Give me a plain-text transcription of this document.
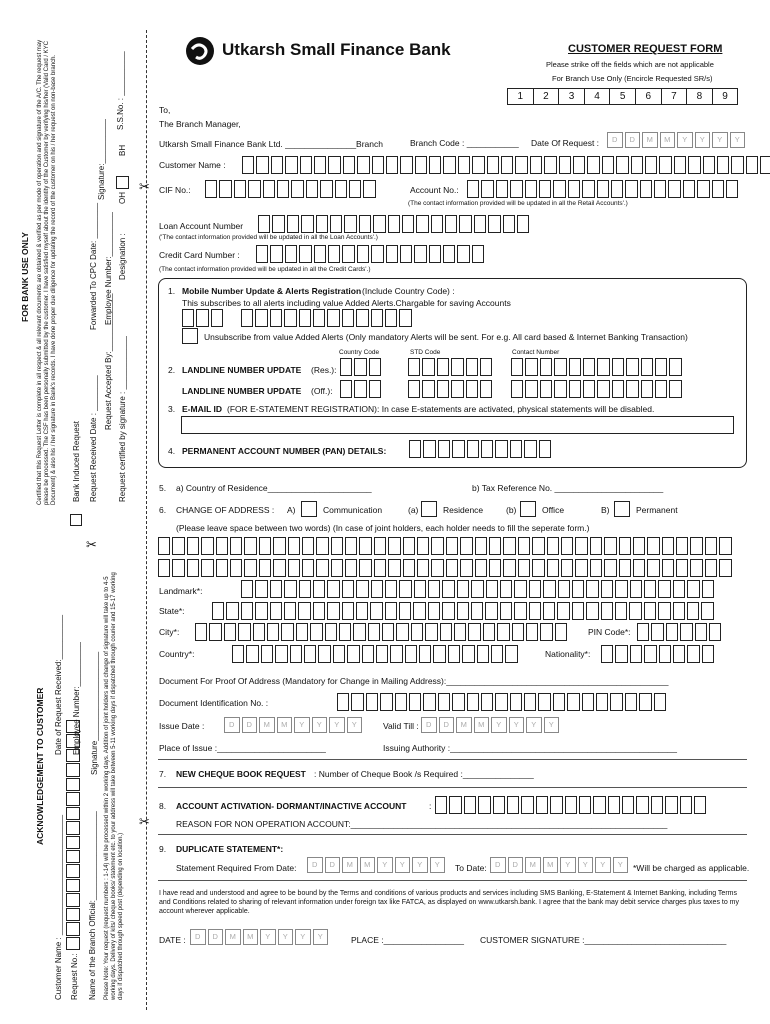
✂
✂
✂
ACKNOWLEDGEMENT TO CUSTOMER
Customer Name : ___________________________
Date of Request Received:__________
Request No.:
Employee Number:__________
Name of the Branch Official:____________________
Signature____________________ Please Note: Your request (request numbers : 1-14) will be processed within 2 working days. Addition of joint holders and change of signature will take up to 4-5 working days. Delivery of kits/ cheque books/ statement etc. to your address will take between 5-11 working days if dispatched through courier and 15-17 working days if dispatched through speed post (depending on location.)
FOR BANK USE ONLY Certified that this Request Letter is complete in all respect & all relevant documents are obtained & verified as per mode of operation and signature of the A/C. The request may please be processed. The CSF has been personally submitted by the customer. I have satisfied myself about the identity of the Customer by verifying his/her (Valid Card / KYC Document) & also his / her signature in Bank's records. I have done proper due diligence for updating the record of the customer on his / her request on non-base branch. Bank Induced Request Request Received Date : ________
Forwarded To CPC Date: ________
Signature:__________
S.S.No. : __________
Request Accepted By:_____________
Employee Number:__________
Request certified by signature : ____________
Designation :
OH
BH
Utkarsh Small Finance Bank	CUSTOMER REQUEST FORM
Please strike off the fields which are not applicable
For Branch Use Only (Encircle Requested SR/s)
1	2	3	4	5	6	7	8	9
To,
The Branch Manager,
Utkarsh Small Finance Bank Ltd. _______________Branch	Branch Code : ___________ Date Of Request :	D	D	M	M	Y	Y	Y	Y
Customer Name :
CIF No.:	Account No.:
(The contact information provided will be updated in all the Retail Accounts'.)
Loan Account Number
('The contact information provided will be updated in all the Loan Accounts'.)
Credit Card Number :
(The contact information provided will be updated in all the Credit Cards'.)
1. Mobile Number Update & Alerts Registration (Include Country Code) :
This subscribes to all alerts including value Added Alerts.Chargable for saving Accounts
Unsubscribe from value Added Alerts (Only mandatory Alerts will be sent. For e.g. All card based & Internet Banking Transaction)
Country Code	STD Code	Contact Number
2. LANDLINE NUMBER UPDATE (Res.):
LANDLINE NUMBER UPDATE (Off.):
3. E-MAIL ID (FOR E-STATEMENT REGISTRATION): In case E-statements are activated, physical statements will be disabled.
4. PERMANENT ACCOUNT NUMBER (PAN) DETAILS:
5. a) Country of Residence______________________	b) Tax Reference No. _______________________
6. CHANGE OF ADDRESS : A)	Communication	(a)	Residence	(b)	Office	B)	Permanent
(Please leave space between two words) (In case of joint holders, each holder needs to fill the seperate form.)
Landmark*:
State*:
City*:	PIN Code*:
Country*:	Nationality*:
Document For Proof Of Address (Mandatory for Change in Mailing Address):_______________________________________________
Document Identification No. :
Issue Date :	D	D	M	M	Y	Y	Y	Y	Valid Till : D	D	M	M	Y	Y	Y	Y
Place of Issue :_______________________	Issuing Authority :________________________________________________
7. NEW CHEQUE BOOK REQUEST : Number of Cheque Book /s Required :_______________
8. ACCOUNT ACTIVATION- DORMANT/INACTIVE ACCOUNT	:
REASON FOR NON OPERATION ACCOUNT:___________________________________________________________________
9. DUPLICATE STATEMENT*:
Statement Required From Date:	D	D	M	M	Y	Y	Y	Y	To Date:	D	D	M	M	Y	Y	Y	Y	*Will be charged as applicable.
I have read and understood and agree to be bound by the Terms and conditions of various products and services including SMS Banking, E-Statement & Internet Banking, including Terms and Conditions related to sharing of relevant information under foreign tax like FATCA, as displayed on www.utkarsh.bank. I agree that the bank may debit service charges plus taxes to my account wherever applicable.
DATE :	D	D	M	M	Y	Y	Y	Y	PLACE :_________________ CUSTOMER SIGNATURE :______________________________
